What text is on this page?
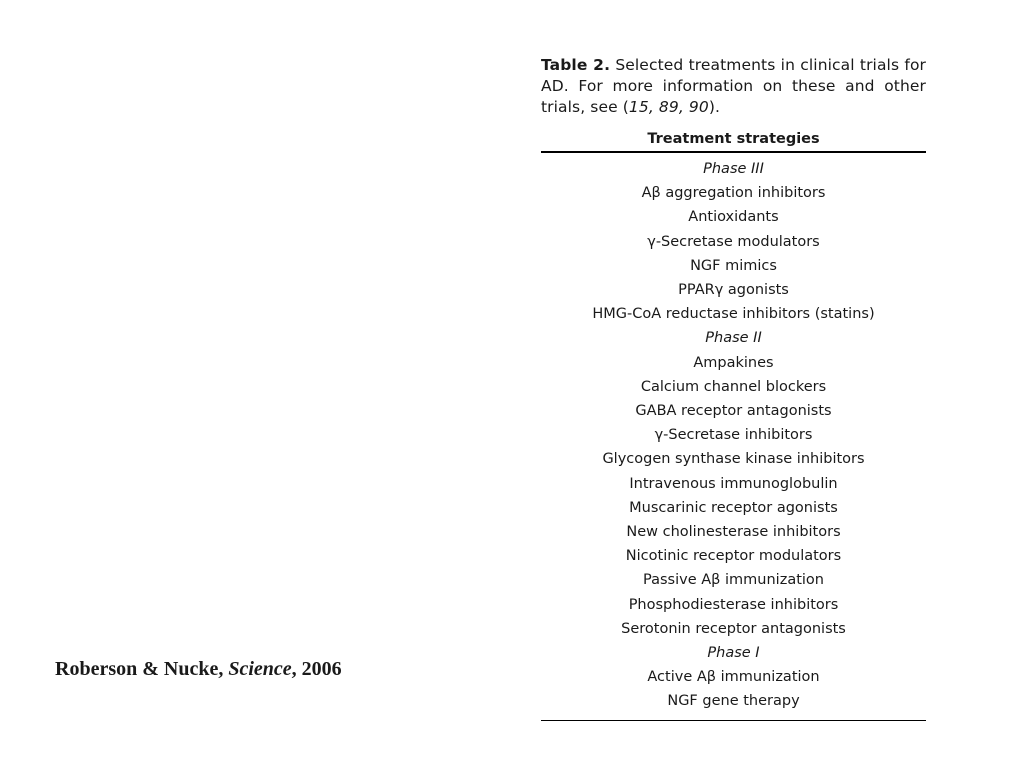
Table 2. Selected treatments in clinical trials for AD. For more information on these and other trials, see (15, 89, 90).

Treatment strategies
Phase III
Aβ aggregation inhibitors
Antioxidants
γ-Secretase modulators
NGF mimics
PPARγ agonists
HMG-CoA reductase inhibitors (statins)
Phase II
Ampakines
Calcium channel blockers
GABA receptor antagonists
γ-Secretase inhibitors
Glycogen synthase kinase inhibitors
Intravenous immunoglobulin
Muscarinic receptor agonists
New cholinesterase inhibitors
Nicotinic receptor modulators
Passive Aβ immunization
Phosphodiesterase inhibitors
Serotonin receptor antagonists
Phase I
Active Aβ immunization
NGF gene therapy
Roberson & Nucke, Science, 2006
